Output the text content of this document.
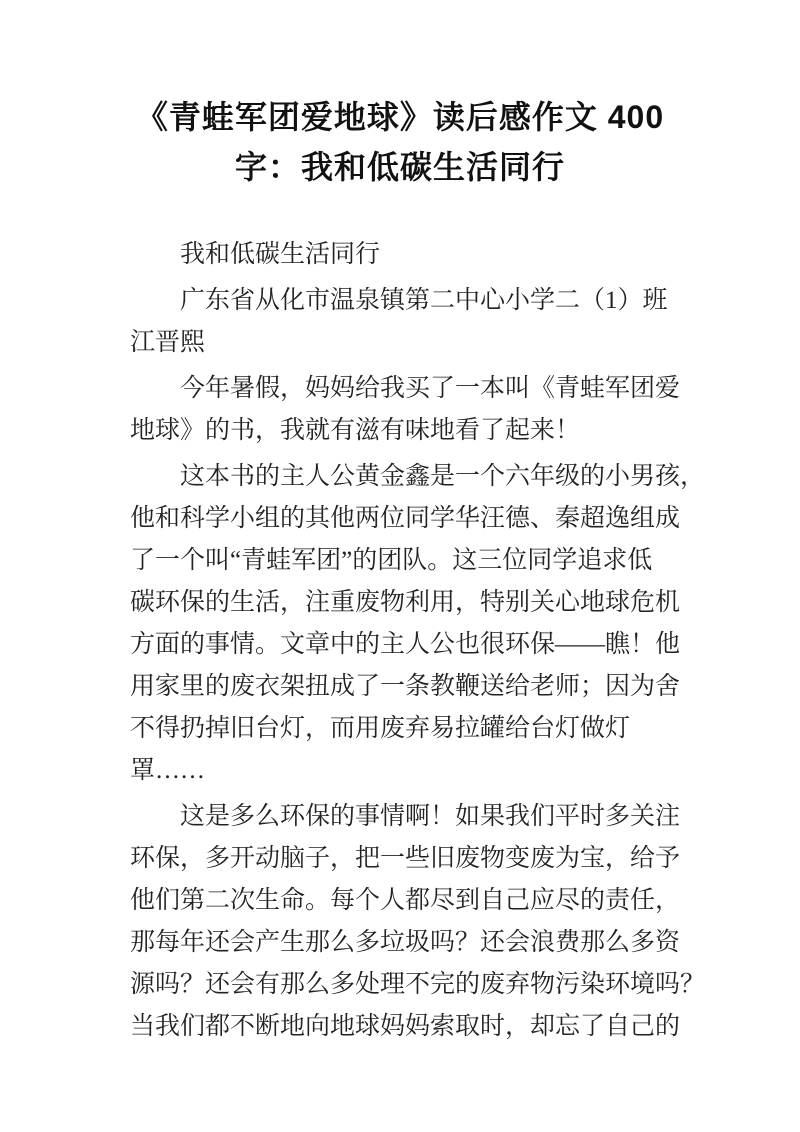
《青蛙军团爱地球》读后感作文 400
字：我和低碳生活同行
我和低碳生活同行
广东省从化市温泉镇第二中心小学二（1）班
江晋熙
今年暑假，妈妈给我买了一本叫《青蛙军团爱
地球》的书，我就有滋有味地看了起来！
这本书的主人公黄金鑫是一个六年级的小男孩，
他和科学小组的其他两位同学华汪德、秦超逸组成
了一个叫“青蛙军团”的团队。这三位同学追求低
碳环保的生活，注重废物利用，特别关心地球危机
方面的事情。文章中的主人公也很环保——瞧！他
用家里的废衣架扭成了一条教鞭送给老师；因为舍
不得扔掉旧台灯，而用废弃易拉罐给台灯做灯
罩……
这是多么环保的事情啊！如果我们平时多关注
环保，多开动脑子，把一些旧废物变废为宝，给予
他们第二次生命。每个人都尽到自己应尽的责任，
那每年还会产生那么多垃圾吗？还会浪费那么多资
源吗？还会有那么多处理不完的废弃物污染环境吗？
当我们都不断地向地球妈妈索取时，却忘了自己的
